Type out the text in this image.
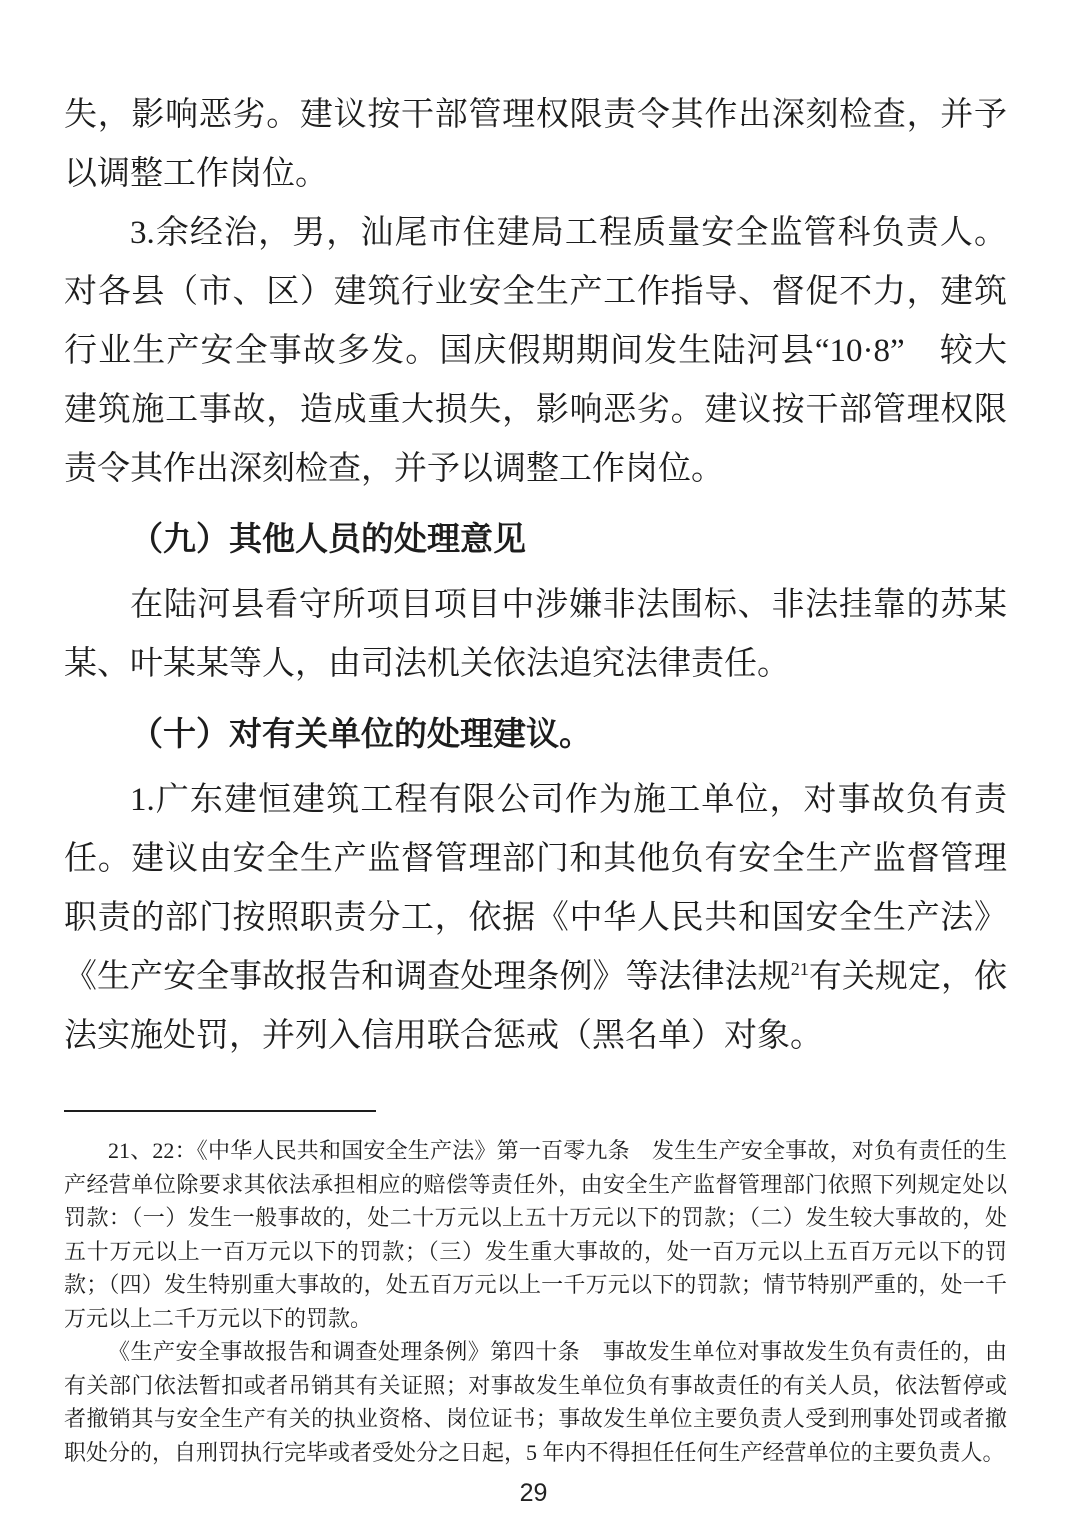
失，影响恶劣。建议按干部管理权限责令其作出深刻检查，并予以调整工作岗位。

3.余经治，男，汕尾市住建局工程质量安全监管科负责人。对各县（市、区）建筑行业安全生产工作指导、督促不力，建筑行业生产安全事故多发。国庆假期期间发生陆河县“10·8”　较大建筑施工事故，造成重大损失，影响恶劣。建议按干部管理权限责令其作出深刻检查，并予以调整工作岗位。

（九）其他人员的处理意见

在陆河县看守所项目项目中涉嫌非法围标、非法挂靠的苏某某、叶某某等人，由司法机关依法追究法律责任。

（十）对有关单位的处理建议。

1.广东建恒建筑工程有限公司作为施工单位，对事故负有责任。建议由安全生产监督管理部门和其他负有安全生产监督管理职责的部门按照职责分工，依据《中华人民共和国安全生产法》《生产安全事故报告和调查处理条例》等法律法规$^{21}$有关规定，依法实施处罚，并列入信用联合惩戒（黑名单）对象。

21、22：《中华人民共和国安全生产法》第一百零九条　发生生产安全事故，对负有责任的生产经营单位除要求其依法承担相应的赔偿等责任外，由安全生产监督管理部门依照下列规定处以罚款：（一）发生一般事故的，处二十万元以上五十万元以下的罚款；（二）发生较大事故的，处五十万元以上一百万元以下的罚款；（三）发生重大事故的，处一百万元以上五百万元以下的罚款；（四）发生特别重大事故的，处五百万元以上一千万元以下的罚款；情节特别严重的，处一千万元以上二千万元以下的罚款。

《生产安全事故报告和调查处理条例》第四十条　事故发生单位对事故发生负有责任的，由有关部门依法暂扣或者吊销其有关证照；对事故发生单位负有事故责任的有关人员，依法暂停或者撤销其与安全生产有关的执业资格、岗位证书；事故发生单位主要负责人受到刑事处罚或者撤职处分的，自刑罚执行完毕或者受处分之日起，5 年内不得担任任何生产经营单位的主要负责人。

29
